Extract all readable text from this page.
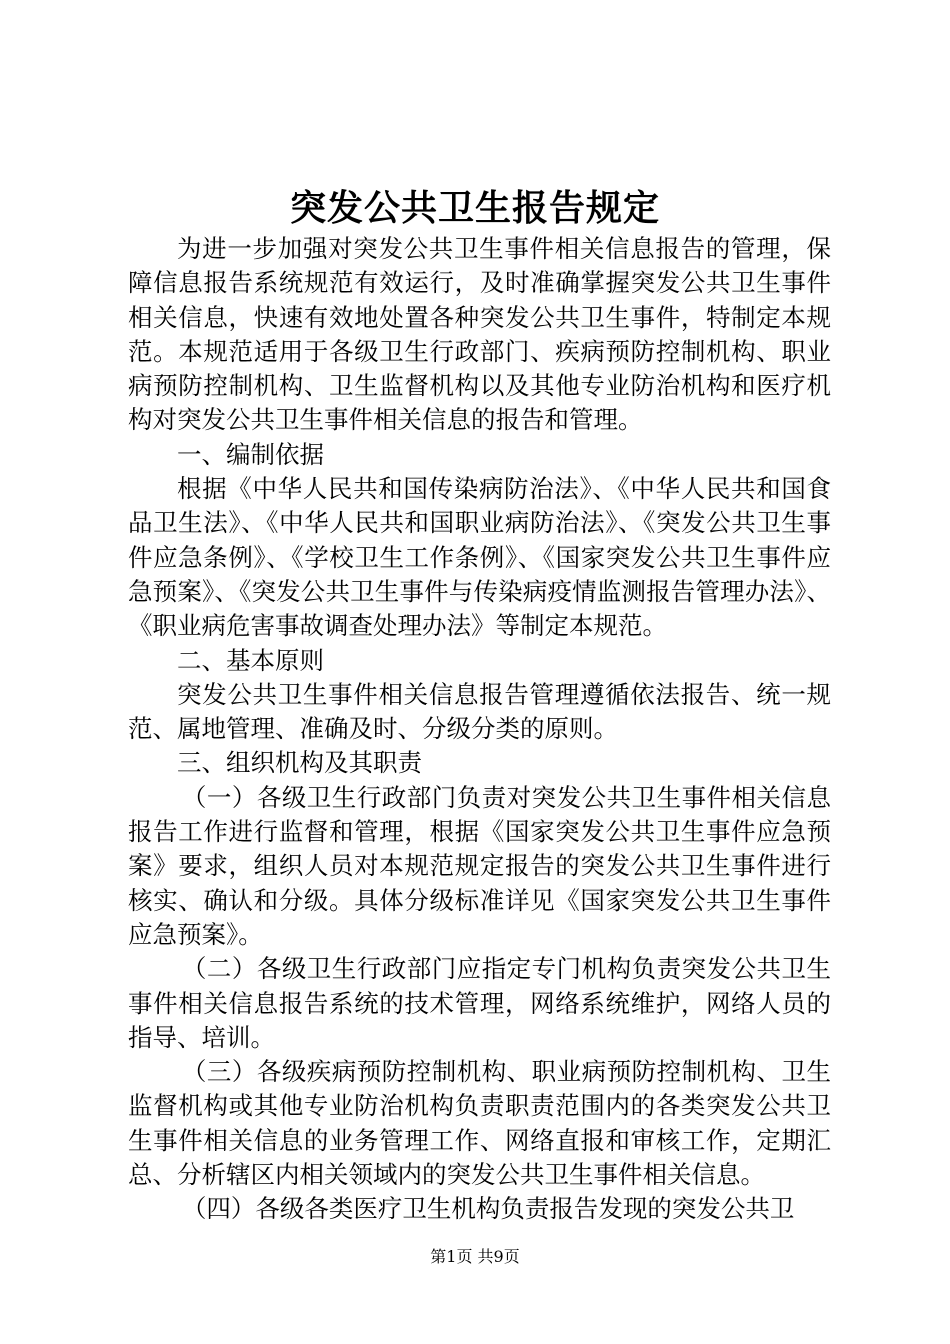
突发公共卫生报告规定

为进一步加强对突发公共卫生事件相关信息报告的管理，保障信息报告系统规范有效运行，及时准确掌握突发公共卫生事件相关信息，快速有效地处置各种突发公共卫生事件，特制定本规范。本规范适用于各级卫生行政部门、疾病预防控制机构、职业病预防控制机构、卫生监督机构以及其他专业防治机构和医疗机构对突发公共卫生事件相关信息的报告和管理。

一、编制依据

根据《中华人民共和国传染病防治法》、《中华人民共和国食品卫生法》、《中华人民共和国职业病防治法》、《突发公共卫生事件应急条例》、《学校卫生工作条例》、《国家突发公共卫生事件应急预案》、《突发公共卫生事件与传染病疫情监测报告管理办法》、《职业病危害事故调查处理办法》等制定本规范。

二、基本原则

突发公共卫生事件相关信息报告管理遵循依法报告、统一规范、属地管理、准确及时、分级分类的原则。

三、组织机构及其职责

（一）各级卫生行政部门负责对突发公共卫生事件相关信息报告工作进行监督和管理，根据《国家突发公共卫生事件应急预案》要求，组织人员对本规范规定报告的突发公共卫生事件进行核实、确认和分级。具体分级标准详见《国家突发公共卫生事件应急预案》。

（二）各级卫生行政部门应指定专门机构负责突发公共卫生事件相关信息报告系统的技术管理，网络系统维护，网络人员的指导、培训。

（三）各级疾病预防控制机构、职业病预防控制机构、卫生监督机构或其他专业防治机构负责职责范围内的各类突发公共卫生事件相关信息的业务管理工作、网络直报和审核工作，定期汇总、分析辖区内相关领域内的突发公共卫生事件相关信息。

（四）各级各类医疗卫生机构负责报告发现的突发公共卫

第1页 共9页
